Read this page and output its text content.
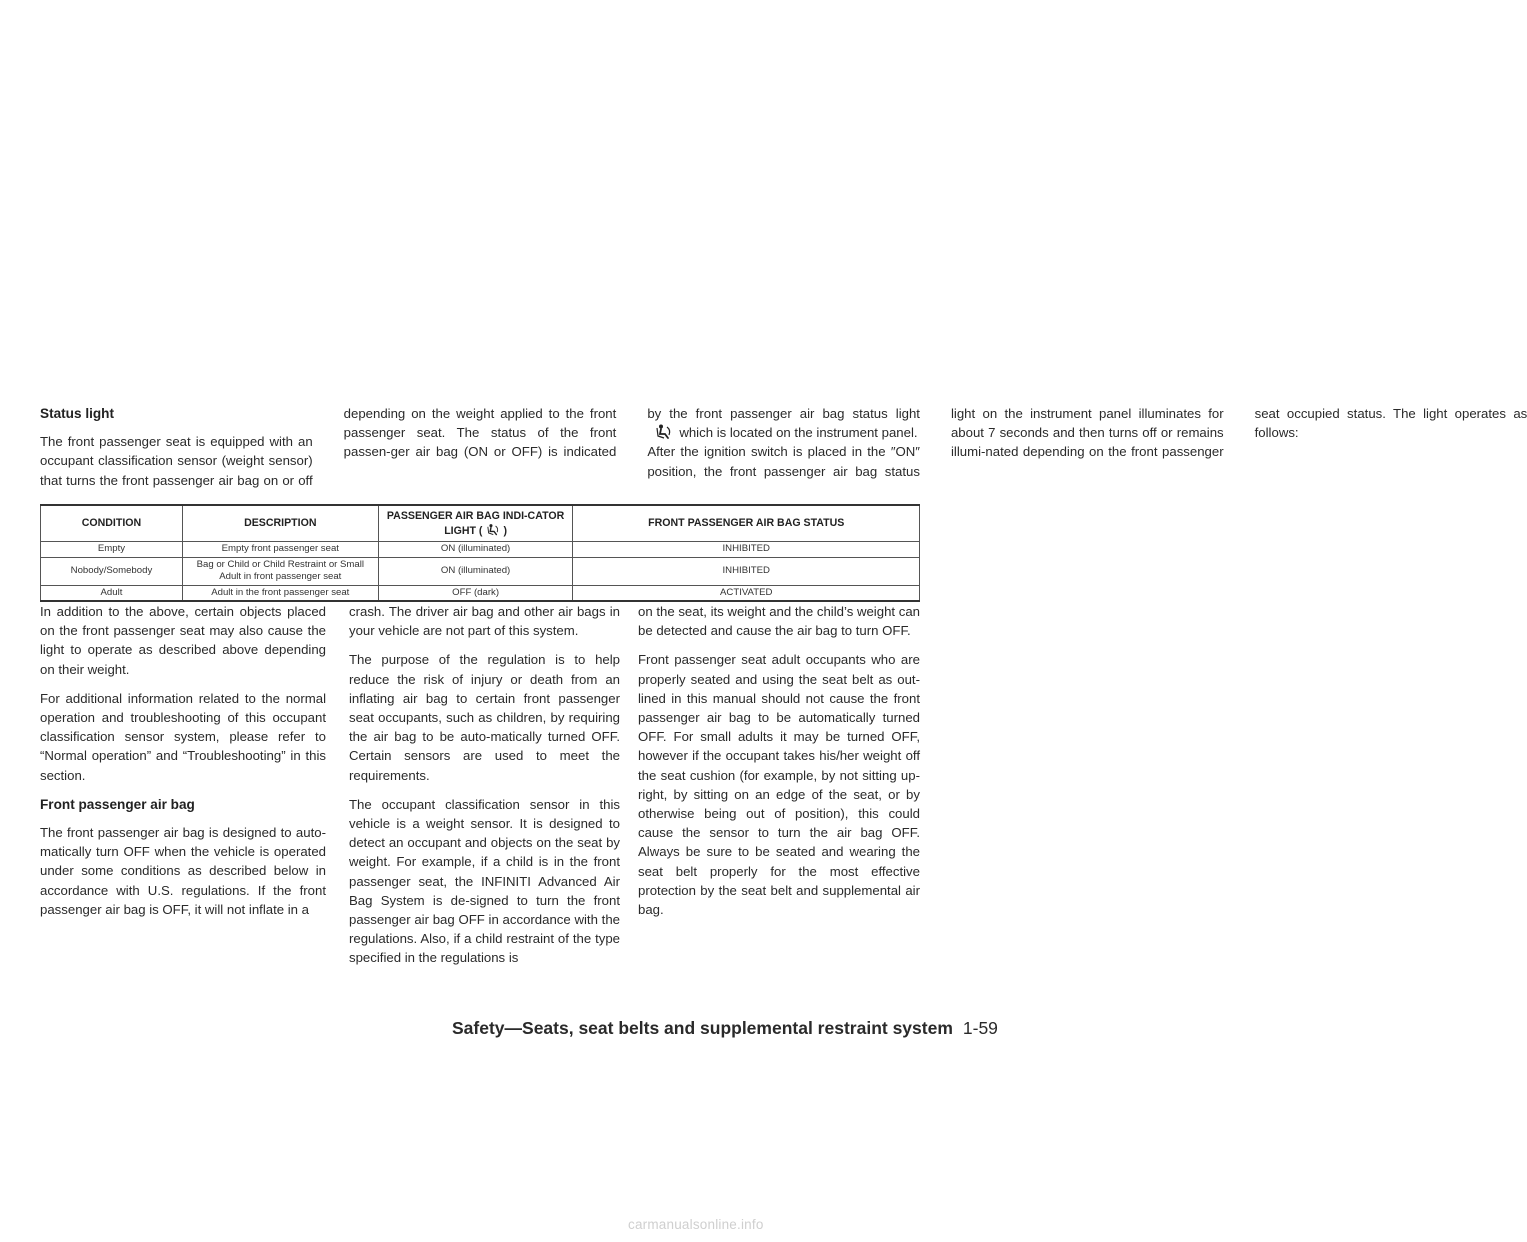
Status light

The front passenger seat is equipped with an occupant classification sensor (weight sensor) that turns the front passenger air bag on or off depending on the weight applied to the front passenger seat. The status of the front passen-ger air bag (ON or OFF) is indicated by the front passenger air bag status light
which is located on the instrument panel.

After the ignition switch is placed in the ″ON″ position, the front passenger air bag status light on the instrument panel illuminates for about 7 seconds and then turns off or remains illumi-nated depending on the front passenger seat occupied status. The light operates as follows:

CONDITION	DESCRIPTION	PASSENGER AIR BAG INDI-CATOR LIGHT ( )	FRONT PASSENGER AIR BAG STATUS
Empty	Empty front passenger seat	ON (illuminated)	INHIBITED
Nobody/Somebody	Bag or Child or Child Restraint or Small Adult in front passenger seat	ON (illuminated)	INHIBITED
Adult	Adult in the front passenger seat	OFF (dark)	ACTIVATED

In addition to the above, certain objects placed on the front passenger seat may also cause the light to operate as described above depending on their weight.

For additional information related to the normal operation and troubleshooting of this occupant classification sensor system, please refer to “Normal operation” and “Troubleshooting” in this section.

Front passenger air bag

The front passenger air bag is designed to auto-matically turn OFF when the vehicle is operated under some conditions as described below in accordance with U.S. regulations. If the front passenger air bag is OFF, it will not inflate in a

crash. The driver air bag and other air bags in your vehicle are not part of this system.

The purpose of the regulation is to help reduce the risk of injury or death from an inflating air bag to certain front passenger seat occupants, such as children, by requiring the air bag to be auto-matically turned OFF. Certain sensors are used to meet the requirements.

The occupant classification sensor in this vehicle is a weight sensor. It is designed to detect an occupant and objects on the seat by weight. For example, if a child is in the front passenger seat, the INFINITI Advanced Air Bag System is de-signed to turn the front passenger air bag OFF in accordance with the regulations. Also, if a child restraint of the type specified in the regulations is

on the seat, its weight and the child’s weight can be detected and cause the air bag to turn OFF.

Front passenger seat adult occupants who are properly seated and using the seat belt as out-lined in this manual should not cause the front passenger air bag to be automatically turned OFF. For small adults it may be turned OFF, however if the occupant takes his/her weight off the seat cushion (for example, by not sitting up-right, by sitting on an edge of the seat, or by otherwise being out of position), this could cause the sensor to turn the air bag OFF. Always be sure to be seated and wearing the seat belt properly for the most effective protection by the seat belt and supplemental air bag.

Safety—Seats, seat belts and supplemental restraint system 1-59
carmanualsonline.info
